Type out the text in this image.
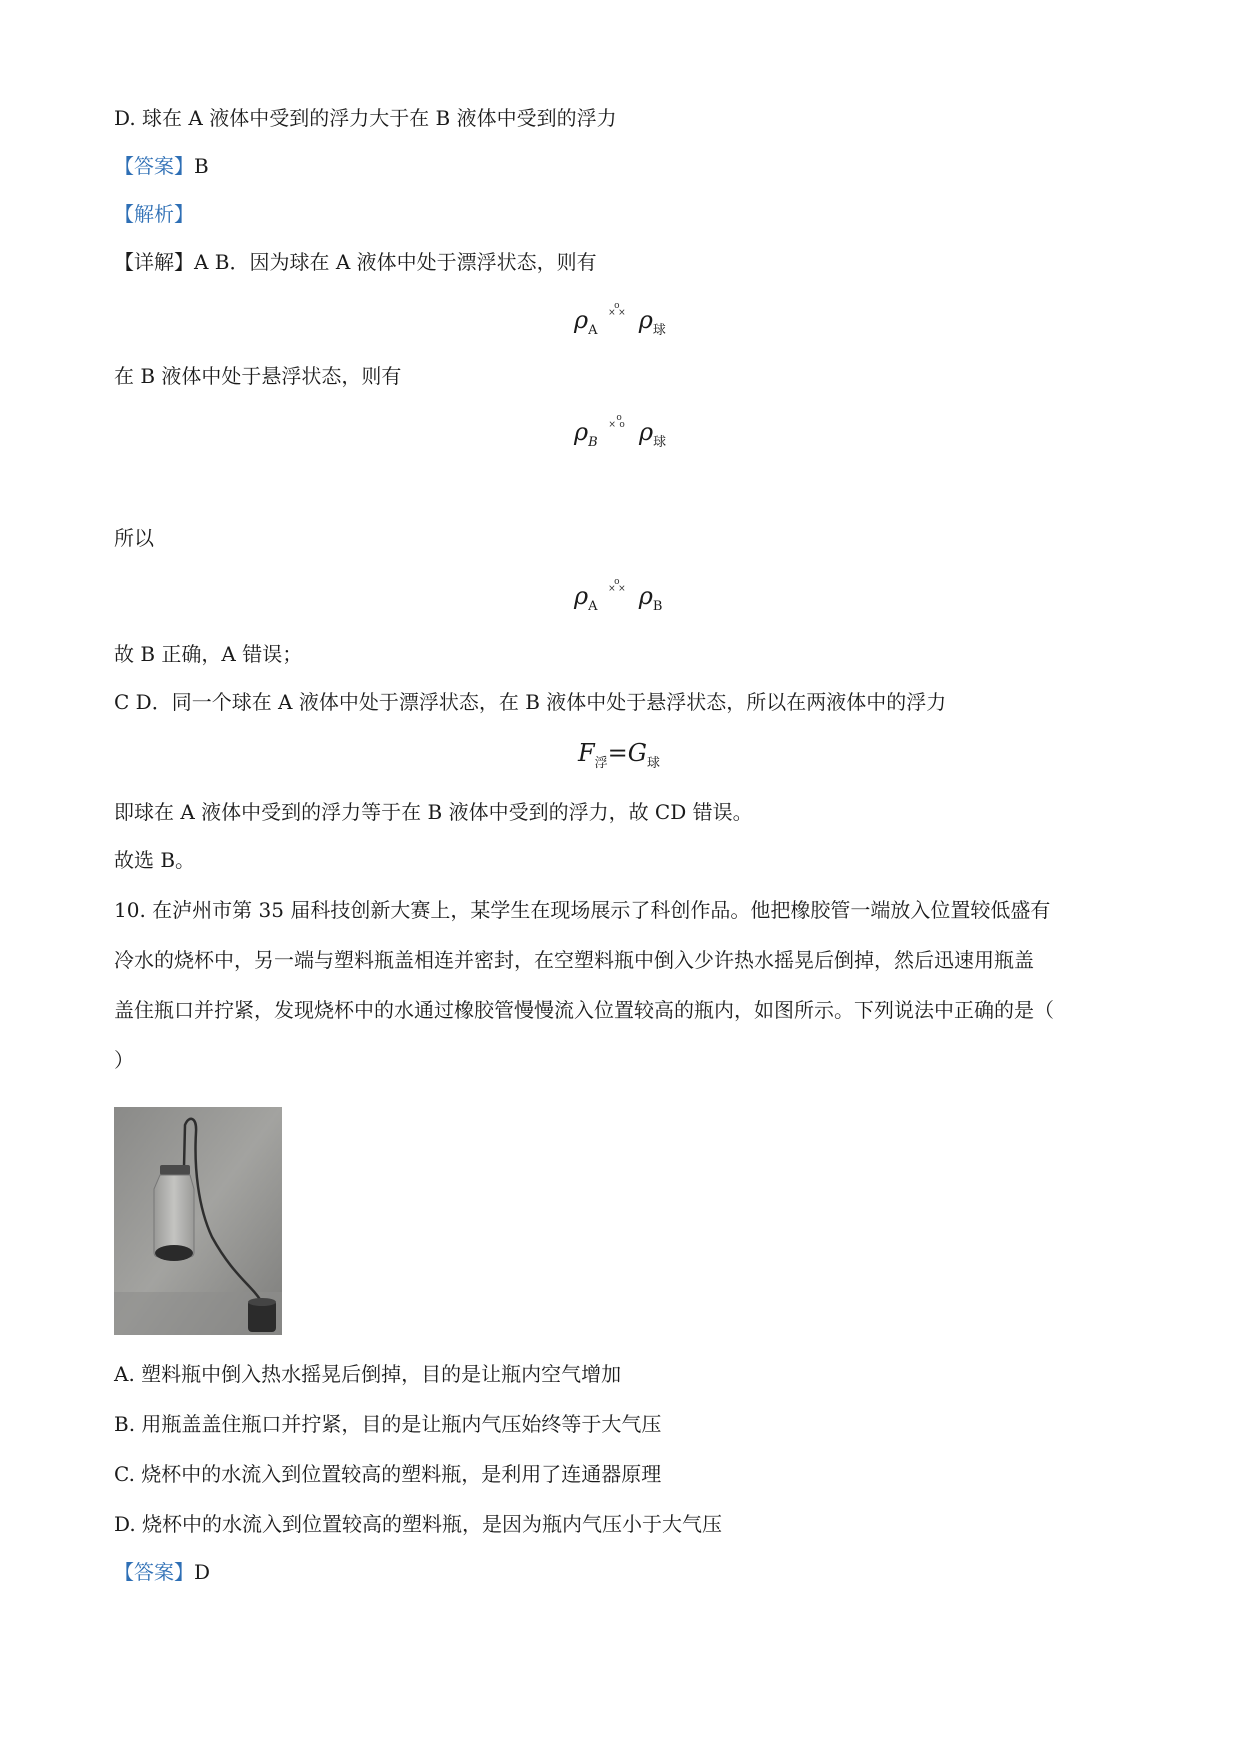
D. 球在 A 液体中受到的浮力大于在 B 液体中受到的浮力
【答案】B
【解析】
【详解】A B．因为球在 A 液体中处于漂浮状态，则有
$\rho_A$
o
× × $\rho_球$
在 B 液体中处于悬浮状态，则有
$\rho_B$
o
× o $\rho_球$
所以
$\rho_A$
o
× × $\rho_B$
故 B 正确，A 错误；
C D．同一个球在 A 液体中处于漂浮状态，在 B 液体中处于悬浮状态，所以在两液体中的浮力
$F_浮=G_球$
即球在 A 液体中受到的浮力等于在 B 液体中受到的浮力，故 CD 错误。
故选 B。
10. 在泸州市第 35 届科技创新大赛上，某学生在现场展示了科创作品。他把橡胶管一端放入位置较低盛有
冷水的烧杯中，另一端与塑料瓶盖相连并密封，在空塑料瓶中倒入少许热水摇晃后倒掉，然后迅速用瓶盖
盖住瓶口并拧紧，发现烧杯中的水通过橡胶管慢慢流入位置较高的瓶内，如图所示。下列说法中正确的是（
）
A. 塑料瓶中倒入热水摇晃后倒掉，目的是让瓶内空气增加
B. 用瓶盖盖住瓶口并拧紧，目的是让瓶内气压始终等于大气压
C. 烧杯中的水流入到位置较高的塑料瓶，是利用了连通器原理
D. 烧杯中的水流入到位置较高的塑料瓶，是因为瓶内气压小于大气压
【答案】D
